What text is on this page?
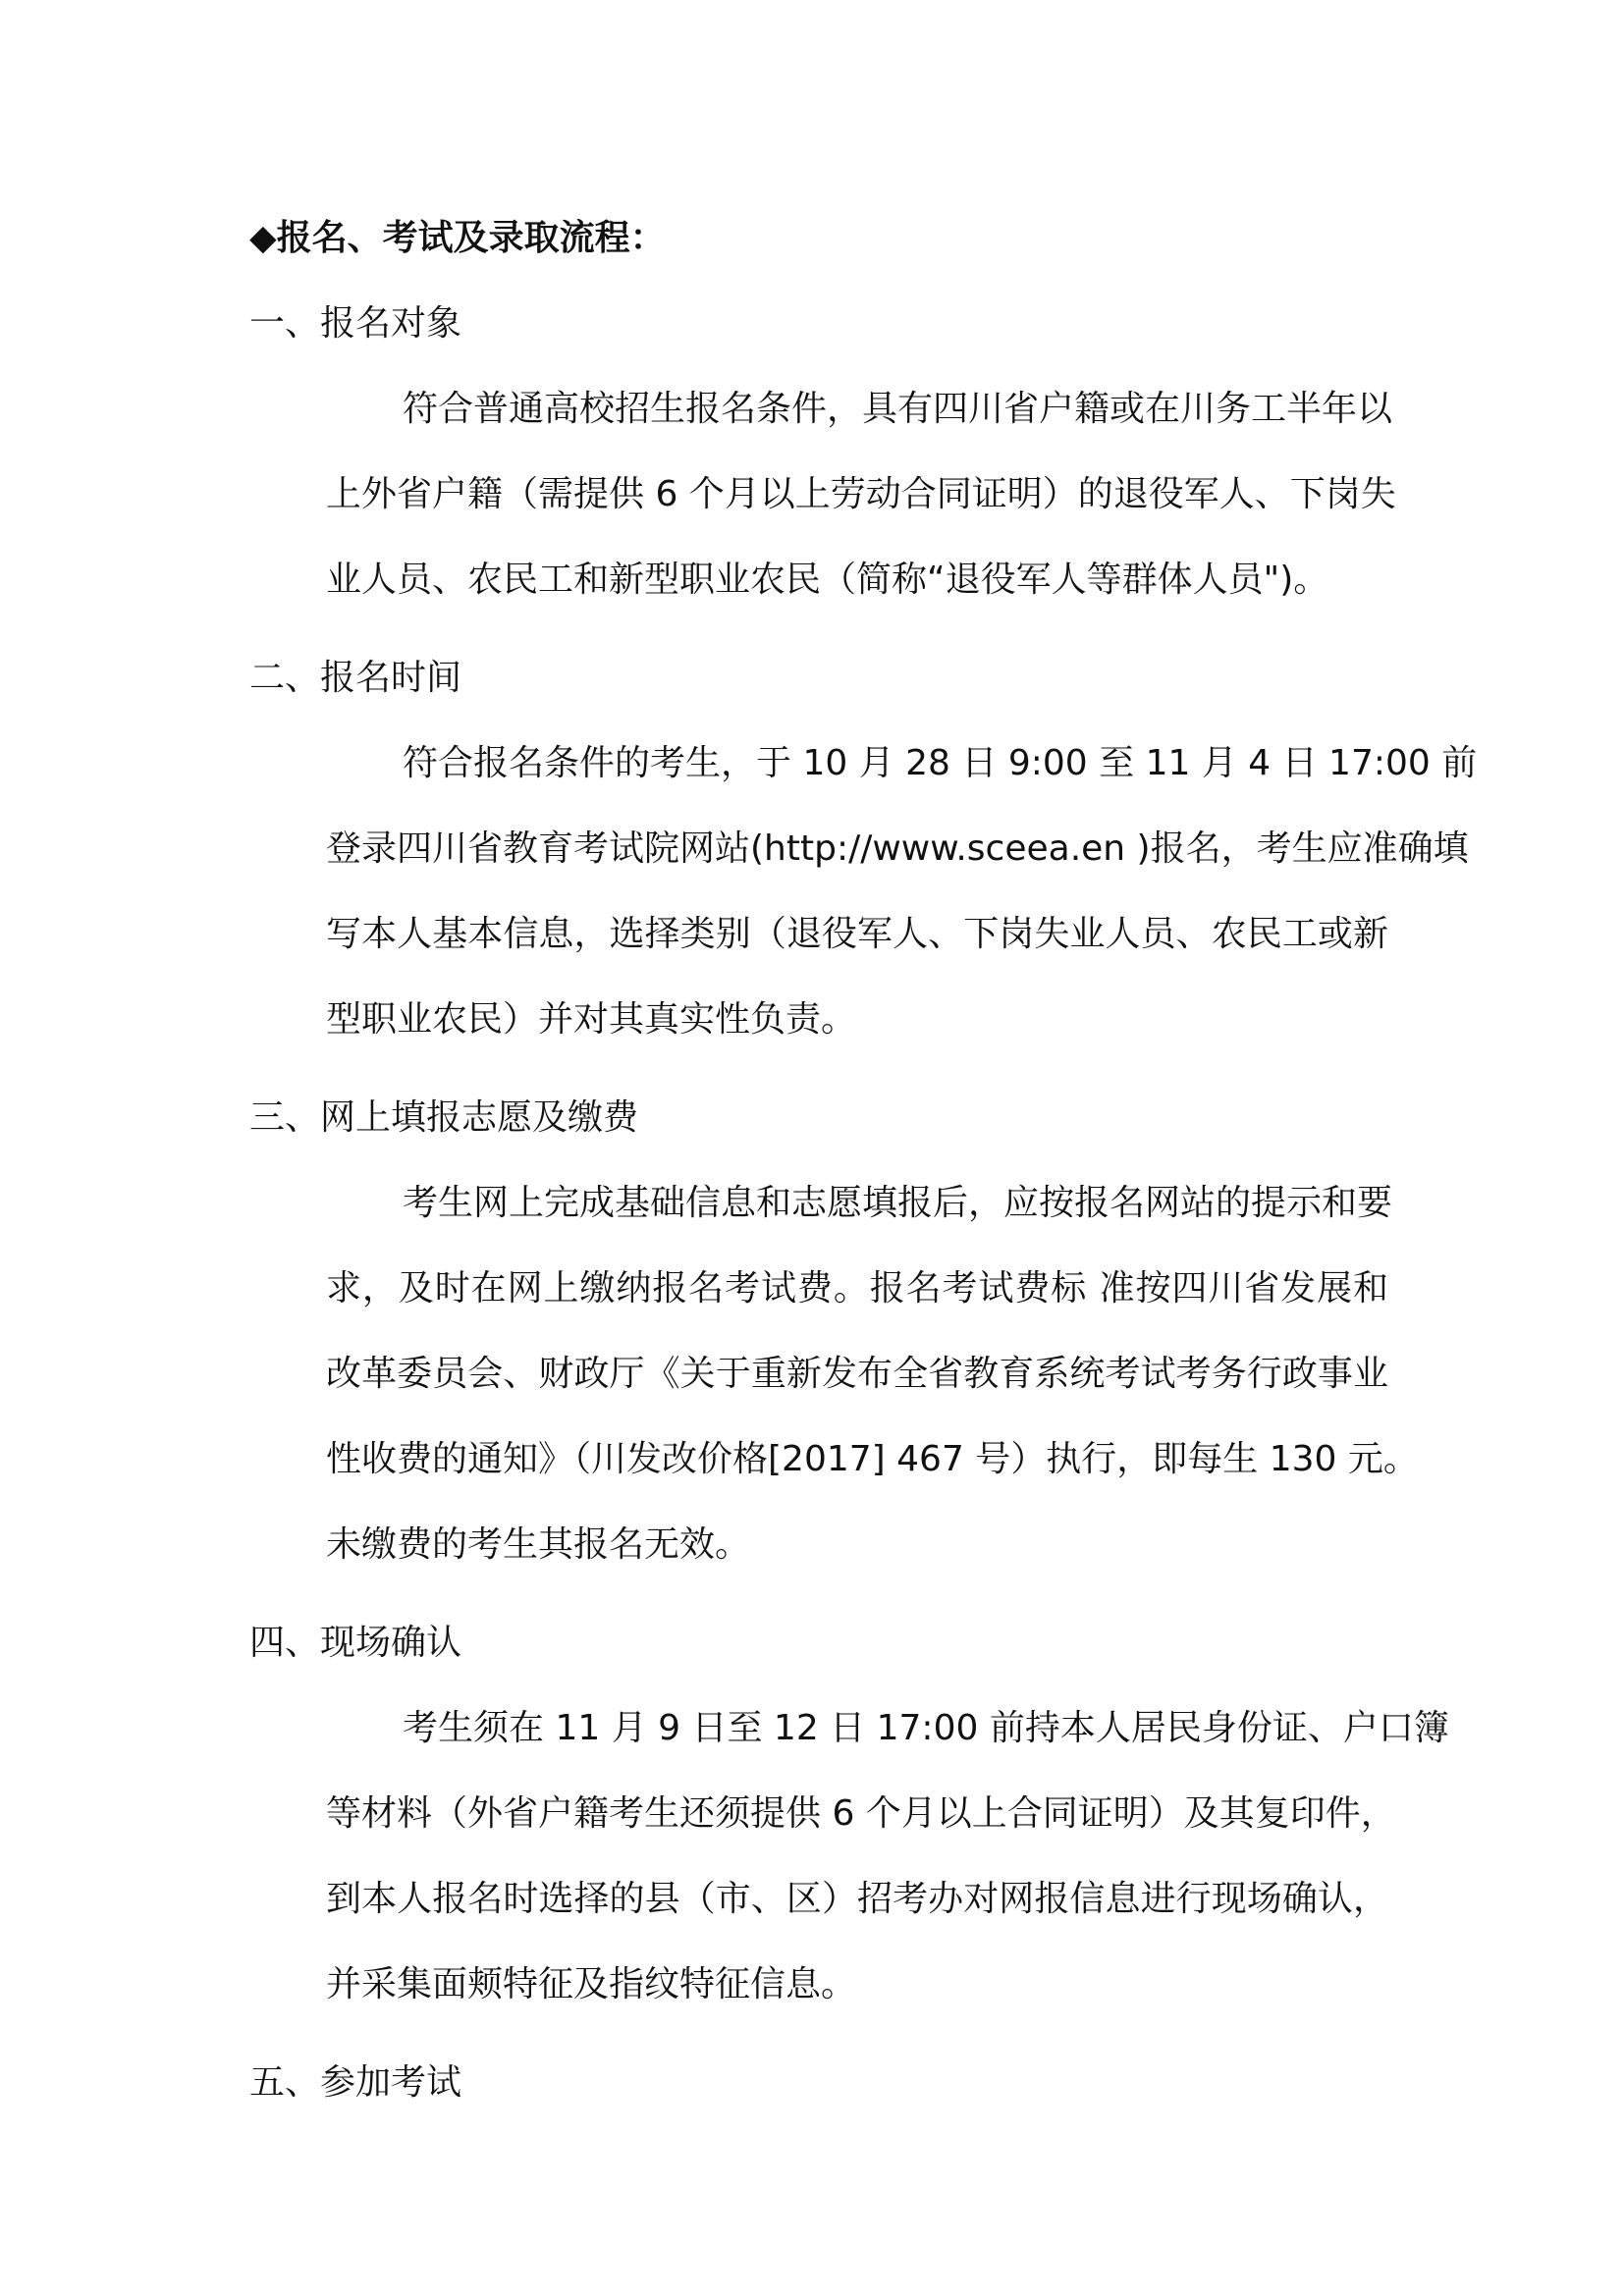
◆报名、考试及录取流程：
一、报名对象
符合普通高校招生报名条件，具有四川省户籍或在川务工半年以
上外省户籍（需提供 6 个月以上劳动合同证明）的退役军人、下岗失
业人员、农民工和新型职业农民（简称“退役军人等群体人员")。
二、报名时间
符合报名条件的考生，于 10 月 28 日 9:00 至 11 月 4 日 17:00 前
登录四川省教育考试院网站(http://www.sceea.en )报名，考生应准确填
写本人基本信息，选择类别（退役军人、下岗失业人员、农民工或新
型职业农民）并对其真实性负责。
三、网上填报志愿及缴费
考生网上完成基础信息和志愿填报后，应按报名网站的提示和要
求，及时在网上缴纳报名考试费。报名考试费标 准按四川省发展和
改革委员会、财政厅《关于重新发布全省教育系统考试考务行政事业
性收费的通知》（川发改价格[2017] 467 号）执行，即每生 130 元。
未缴费的考生其报名无效。
四、现场确认
考生须在 11 月 9 日至 12 日 17:00 前持本人居民身份证、户口簿
等材料（外省户籍考生还须提供 6 个月以上合同证明）及其复印件，
到本人报名时选择的县（市、区）招考办对网报信息进行现场确认，
并采集面颊特征及指纹特征信息。
五、参加考试
